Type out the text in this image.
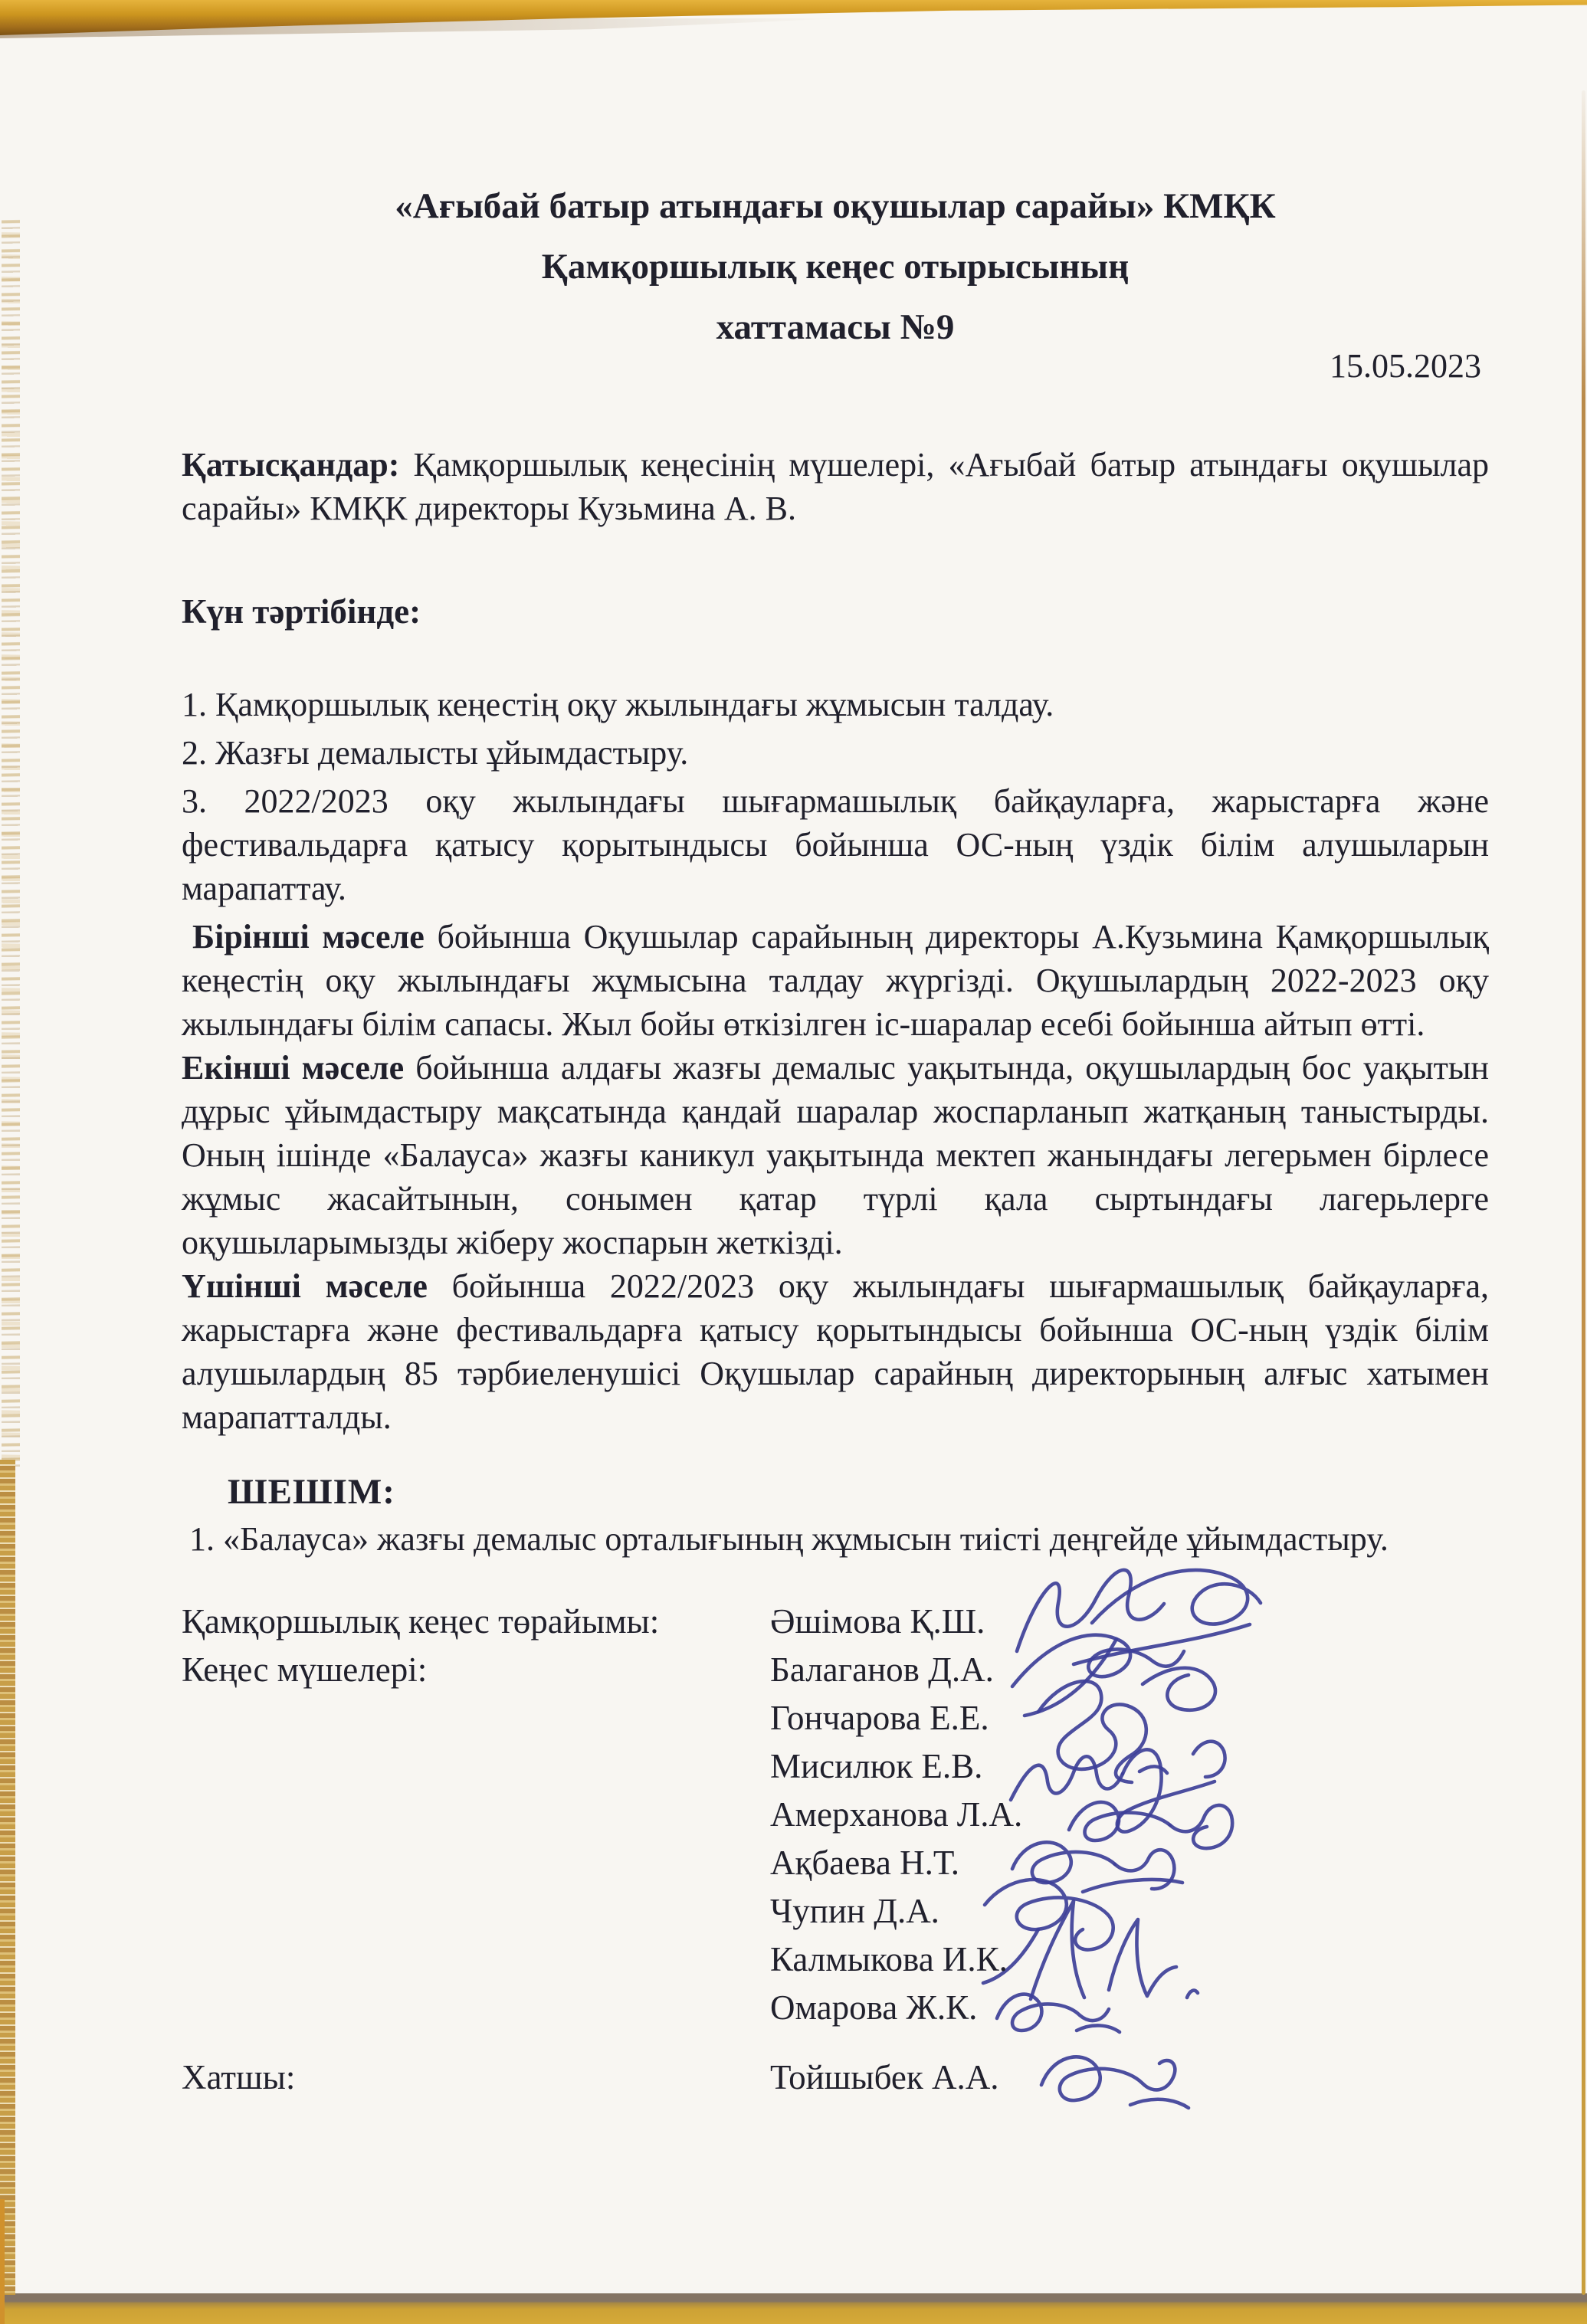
«Ағыбай батыр атындағы оқушылар сарайы» КМҚК
Қамқоршылық кеңес отырысының
хаттамасы №9
15.05.2023

Қатысқандар: Қамқоршылық кеңесінің мүшелері, «Ағыбай батыр атындағы оқушылар сарайы» КМҚК директоры Кузьмина А. В.

Күн тәртібінде:

1. Қамқоршылық кеңестің оқу жылындағы жұмысын талдау.

2. Жазғы демалысты ұйымдастыру.

3. 2022/2023 оқу жылындағы шығармашылық байқауларға, жарыстарға және фестивальдарға қатысу қорытындысы бойынша ОС-ның үздік білім алушыларын марапаттау.

Бірінші мәселе бойынша Оқушылар сарайының директоры А.Кузьмина Қамқоршылық кеңестің оқу жылындағы жұмысына талдау жүргізді. Оқушылардың 2022-2023 оқу жылындағы білім сапасы. Жыл бойы өткізілген іс-шаралар есебі бойынша айтып өтті.

Екінші мәселе бойынша алдағы жазғы демалыс уақытында, оқушылардың бос уақытын дұрыс ұйымдастыру мақсатында қандай шаралар жоспарланып жатқаның таныстырды. Оның ішінде «Балауса» жазғы каникул уақытында мектеп жанындағы легерьмен бірлесе жұмыс жасайтынын, сонымен қатар түрлі қала сыртындағы лагерьлерге оқушыларымызды жіберу жоспарын жеткізді.

Үшінші мәселе бойынша 2022/2023 оқу жылындағы шығармашылық байқауларға, жарыстарға және фестивальдарға қатысу қорытындысы бойынша ОС-ның үздік білім алушылардың 85 тәрбиеленушісі Оқушылар сарайның директорының алғыс хатымен марапатталды.

ШЕШІМ:

1. «Балауса» жазғы демалыс орталығының жұмысын тиісті деңгейде ұйымдастыру.

Қамқоршылық кеңес төрайымы:	Әшімова Қ.Ш.
Кеңес мүшелері:	Балаганов Д.А.
Гончарова Е.Е.
Мисилюк Е.В.
Амерханова Л.А.
Ақбаева Н.Т.
Чупин Д.А.
Калмыкова И.К.
Омарова Ж.К.
Хатшы:	Тойшыбек А.А.
